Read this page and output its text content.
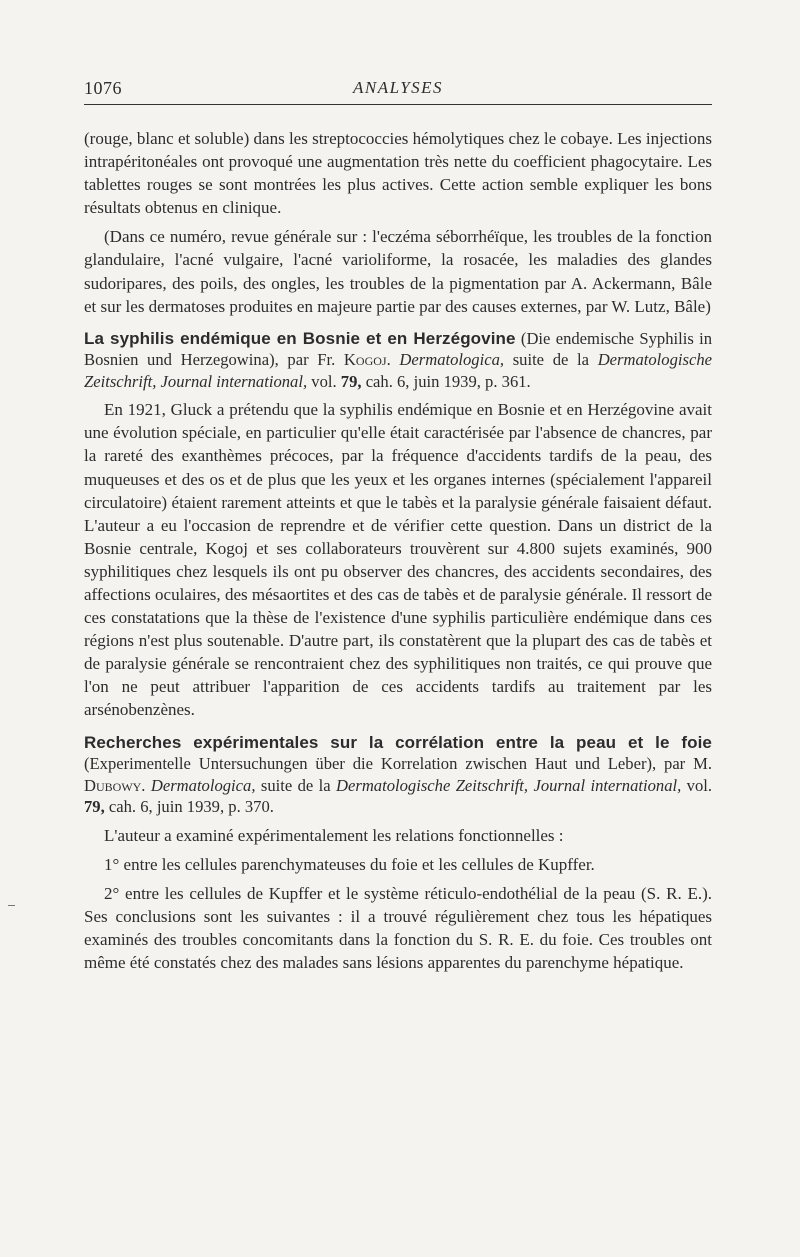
1076	ANALYSES

(rouge, blanc et soluble) dans les streptococcies hémolytiques chez le cobaye. Les injections intrapéritonéales ont provoqué une augmentation très nette du coefficient phagocytaire. Les tablettes rouges se sont montrées les plus actives. Cette action semble expliquer les bons résultats obtenus en clinique.

(Dans ce numéro, revue générale sur : l'eczéma séborrhéïque, les troubles de la fonction glandulaire, l'acné vulgaire, l'acné varioliforme, la rosacée, les maladies des glandes sudoripares, des poils, des ongles, les troubles de la pigmentation par A. Ackermann, Bâle et sur les dermatoses produites en majeure partie par des causes externes, par W. Lutz, Bâle)

La syphilis endémique en Bosnie et en Herzégovine (Die endemische Syphilis in Bosnien und Herzegowina), par Fr. Kogoj. Dermatologica, suite de la Dermatologische Zeitschrift, Journal international, vol. 79, cah. 6, juin 1939, p. 361.

En 1921, Gluck a prétendu que la syphilis endémique en Bosnie et en Herzégovine avait une évolution spéciale, en particulier qu'elle était caractérisée par l'absence de chancres, par la rareté des exanthèmes précoces, par la fréquence d'accidents tardifs de la peau, des muqueuses et des os et de plus que les yeux et les organes internes (spécialement l'appareil circulatoire) étaient rarement atteints et que le tabès et la paralysie générale faisaient défaut. L'auteur a eu l'occasion de reprendre et de vérifier cette question. Dans un district de la Bosnie centrale, Kogoj et ses collaborateurs trouvèrent sur 4.800 sujets examinés, 900 syphilitiques chez lesquels ils ont pu observer des chancres, des accidents secondaires, des affections oculaires, des mésaortites et des cas de tabès et de paralysie générale. Il ressort de ces constatations que la thèse de l'existence d'une syphilis particulière endémique dans ces régions n'est plus soutenable. D'autre part, ils constatèrent que la plupart des cas de tabès et de paralysie générale se rencontraient chez des syphilitiques non traités, ce qui prouve que l'on ne peut attribuer l'apparition de ces accidents tardifs au traitement par les arsénobenzènes.

Recherches expérimentales sur la corrélation entre la peau et le foie (Experimentelle Untersuchungen über die Korrelation zwischen Haut und Leber), par M. Dubowy. Dermatologica, suite de la Dermatologische Zeitschrift, Journal international, vol. 79, cah. 6, juin 1939, p. 370.

L'auteur a examiné expérimentalement les relations fonctionnelles :

1° entre les cellules parenchymateuses du foie et les cellules de Kupffer.

2° entre les cellules de Kupffer et le système réticulo-endothélial de la peau (S. R. E.). Ses conclusions sont les suivantes : il a trouvé régulièrement chez tous les hépatiques examinés des troubles concomitants dans la fonction du S. R. E. du foie. Ces troubles ont même été constatés chez des malades sans lésions apparentes du parenchyme hépatique.
